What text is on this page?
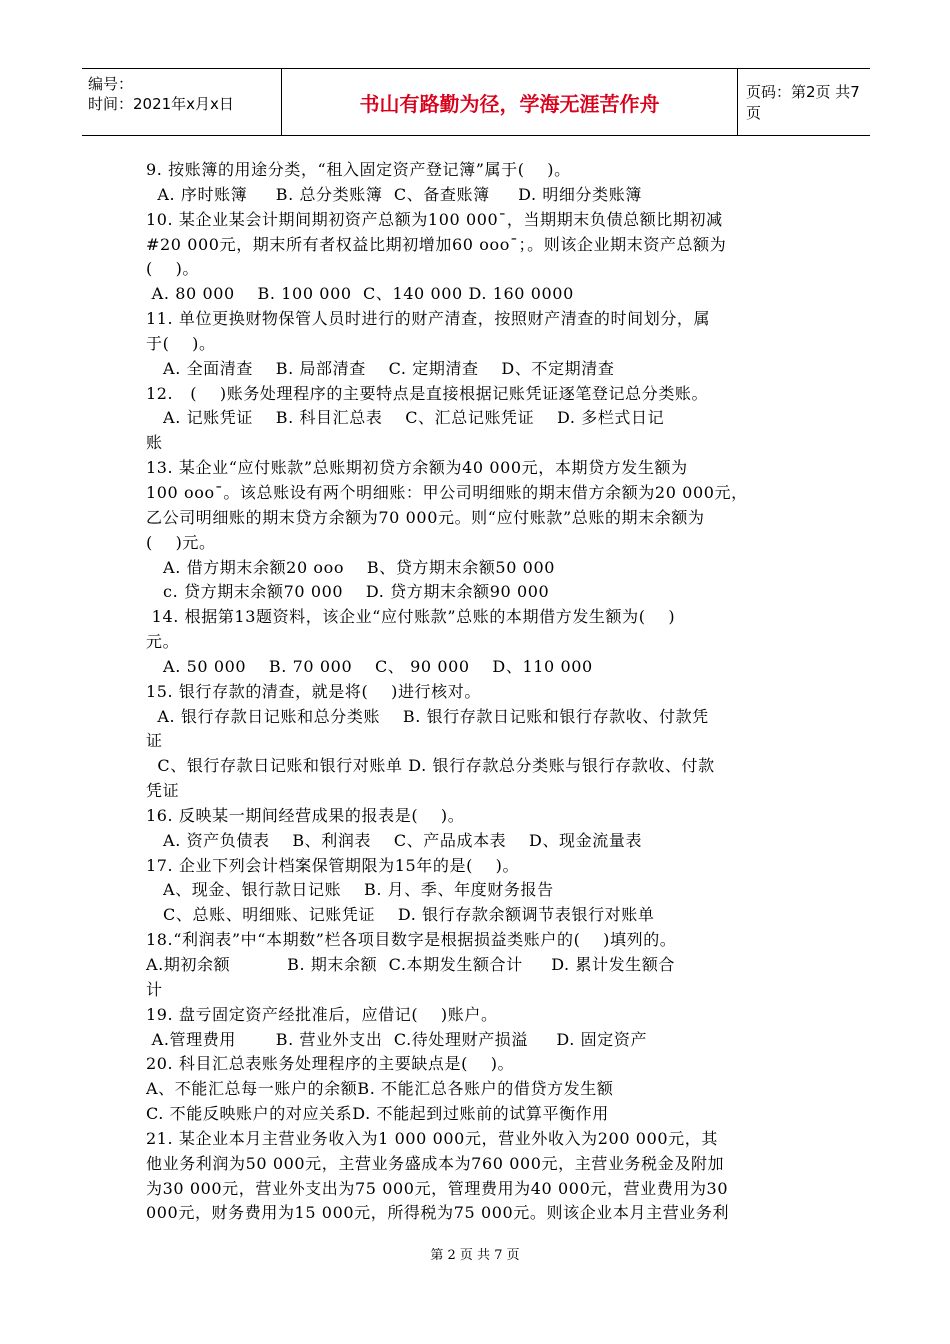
编号：
时间：2021年x月x日	书山有路勤为径，学海无涯苦作舟	页码：第2页 共7页
9. 按账簿的用途分类，“租入固定资产登记簿”属于(    )。
A. 序时账簿     B. 总分类账簿  C、备查账簿     D. 明细分类账簿
10. 某企业某会计期间期初资产总额为100 000¯，当期期末负债总额比期初减
#20 000元，期末所有者权益比期初增加60 ooo¯；。则该企业期末资产总额为
(    )。
A. 80 000    B. 100 000  C、140 000 D. 160 0000
11. 单位更换财物保管人员时进行的财产清查，按照财产清查的时间划分，属
于(    )。
A. 全面清查    B. 局部清查    C. 定期清查    D、不定期清查
12.   (    )账务处理程序的主要特点是直接根据记账凭证逐笔登记总分类账。
A. 记账凭证    B. 科目汇总表    C、汇总记账凭证    D. 多栏式日记
账
13. 某企业“应付账款”总账期初贷方余额为40 000元，本期贷方发生额为
100 ooo¯。该总账设有两个明细账：甲公司明细账的期末借方余额为20 000元，
乙公司明细账的期末贷方余额为70 000元。则“应付账款”总账的期末余额为
(    )元。
A. 借方期末余额20 ooo    B、贷方期末余额50 000
c. 贷方期末余额70 000    D. 贷方期末余额90 000
14. 根据第13题资料，该企业“应付账款”总账的本期借方发生额为(    )
元。
A. 50 000    B. 70 000    C、 90 000    D、110 000
15. 银行存款的清查，就是将(    )进行核对。
A. 银行存款日记账和总分类账    B. 银行存款日记账和银行存款收、付款凭
证
C、银行存款日记账和银行对账单 D. 银行存款总分类账与银行存款收、付款
凭证
16. 反映某一期间经营成果的报表是(    )。
A. 资产负债表    B、利润表    C、产品成本表    D、现金流量表
17. 企业下列会计档案保管期限为15年的是(    )。
A、现金、银行款日记账    B. 月、季、年度财务报告
C、总账、明细账、记账凭证    D. 银行存款余额调节表银行对账单
18.“利润表”中“本期数”栏各项目数字是根据损益类账户的(    )填列的。
A.期初余额          B. 期末余额  C.本期发生额合计     D. 累计发生额合
计
19. 盘亏固定资产经批准后，应借记(    )账户。
A.管理费用       B. 营业外支出  C.待处理财产损溢     D. 固定资产
20. 科目汇总表账务处理程序的主要缺点是(    )。
A、不能汇总每一账户的余额B. 不能汇总各账户的借贷方发生额
C. 不能反映账户的对应关系D. 不能起到过账前的试算平衡作用
21. 某企业本月主营业务收入为1 000 000元，营业外收入为200 000元，其
他业务利润为50 000元，主营业务盛成本为760 000元，主营业务税金及附加
为30 000元，营业外支出为75 000元，管理费用为40 000元，营业费用为30
000元，财务费用为15 000元，所得税为75 000元。则该企业本月主营业务利
第 2 页 共 7 页
